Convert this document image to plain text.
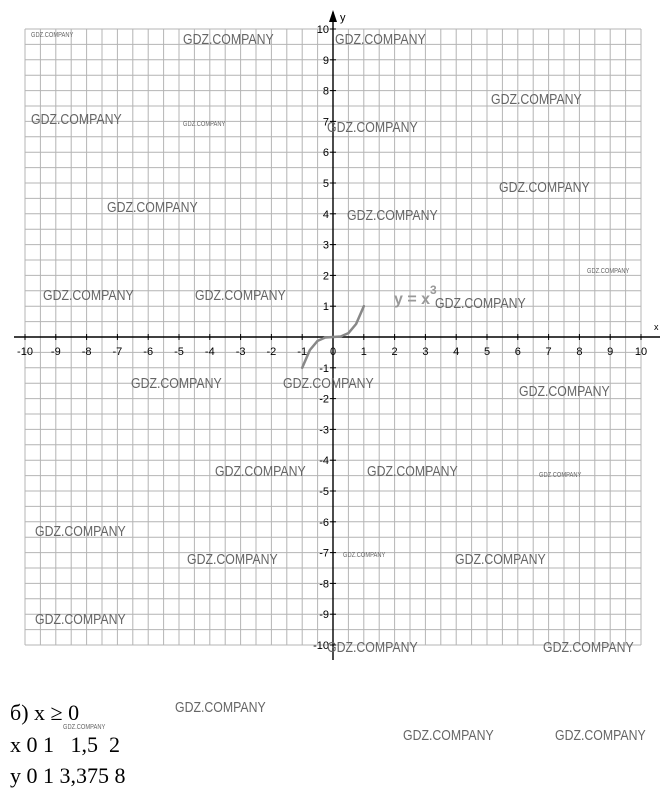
-10 -9 -8 -7 -6 -5 -4 -3 -2 -1 0 1 2 3 4 5 6 7 8 9 10
-10
-9
-8
-7
-6
-5
-4
-3
-2
-1
1
2
3
4
5
6
7
8
9
10
$y = x^3$
x
y
GDZ.COMPANY	GDZ.COMPANY
GDZ.COMPANY
GDZ.COMPANY
GDZ.COMPANY	GDZ.COMPANY	GDZ.COMPANY
GDZ.COMPANY
GDZ.COMPANY	GDZ.COMPANY
GDZ.COMPANY
GDZ.COMPANY	GDZ.COMPANY	GDZ.COMPANY
GDZ.COMPANY	GDZ.COMPANY	GDZ.COMPANY
GDZ.COMPANY	GDZ.COMPANY	GDZ.COMPANY
GDZ.COMPANY
GDZ.COMPANY	GDZ.COMPANY	GDZ.COMPANY
GDZ.COMPANY
GDZ.COMPANY	GDZ.COMPANY
GDZ.COMPANY
GDZ.COMPANY	GDZ.COMPANY	GDZ.COMPANY
б) x ≥ 0
x 0 1   1,5  2
y 0 1 3,375 8
